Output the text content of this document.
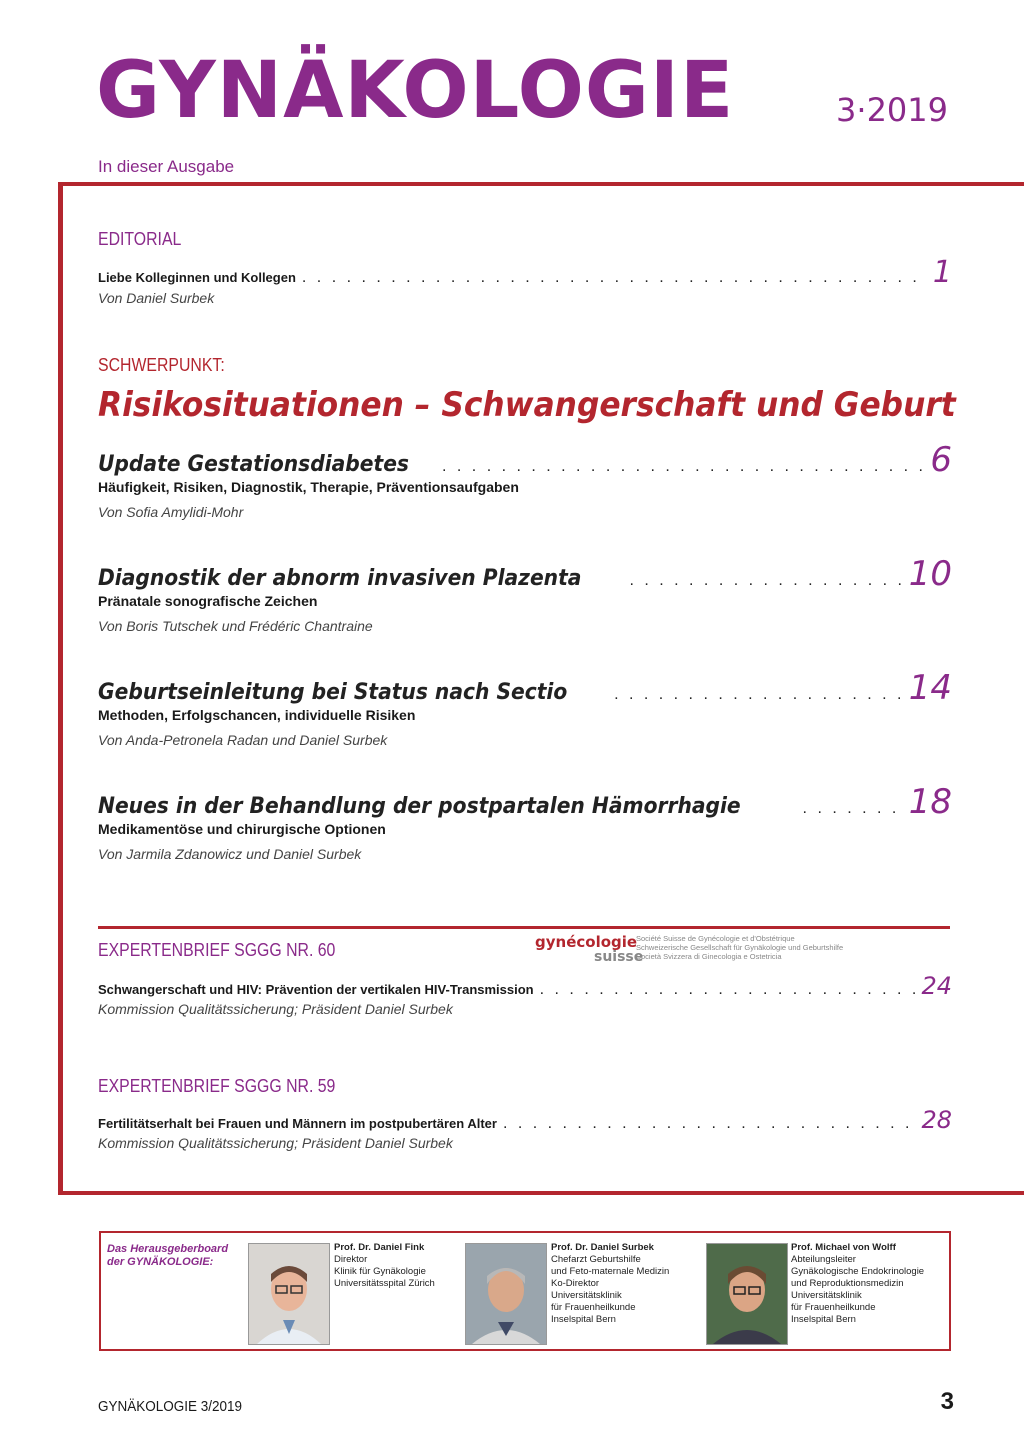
GYNÄKOLOGIE	3·2019
In dieser Ausgabe
EDITORIAL
Liebe Kolleginnen und Kollegen . . .	1
Von Daniel Surbek
SCHWERPUNKT:
Risikosituationen – Schwangerschaft und Geburt
Update Gestationsdiabetes . . .	6
Häufigkeit, Risiken, Diagnostik, Therapie, Präventionsaufgaben
Von Sofia Amylidi-Mohr
Diagnostik der abnorm invasiven Plazenta . . .	10
Pränatale sonografische Zeichen
Von Boris Tutschek und Frédéric Chantraine
Geburtseinleitung bei Status nach Sectio . . .	14
Methoden, Erfolgschancen, individuelle Risiken
Von Anda-Petronela Radan und Daniel Surbek
Neues in der Behandlung der postpartalen Hämorrhagie . . .	18
Medikamentöse und chirurgische Optionen
Von Jarmila Zdanowicz und Daniel Surbek
gynécologie
suisse
Société Suisse de Gynécologie et d'Obstétrique
Schweizerische Gesellschaft für Gynäkologie und Geburtshilfe
Società Svizzera di Ginecologia e Ostetricia
EXPERTENBRIEF SGGG NR. 60
Schwangerschaft und HIV: Prävention der vertikalen HIV-Transmission . . .	24
Kommission Qualitätssicherung; Präsident Daniel Surbek
EXPERTENBRIEF SGGG NR. 59
Fertilitätserhalt bei Frauen und Männern im postpubertären Alter . . .	28
Kommission Qualitätssicherung; Präsident Daniel Surbek
Das Herausgeberboard
der GYNÄKOLOGIE:
Prof. Dr. Daniel Fink
Direktor
Klinik für Gynäkologie
Universitätsspital Zürich
Prof. Dr. Daniel Surbek
Chefarzt Geburtshilfe
und Feto-maternale Medizin
Ko-Direktor
Universitätsklinik
für Frauenheilkunde
Inselspital Bern
Prof. Michael von Wolff
Abteilungsleiter
Gynäkologische Endokrinologie
und Reproduktionsmedizin
Universitätsklinik
für Frauenheilkunde
Inselspital Bern
GYNÄKOLOGIE 3/2019	3
